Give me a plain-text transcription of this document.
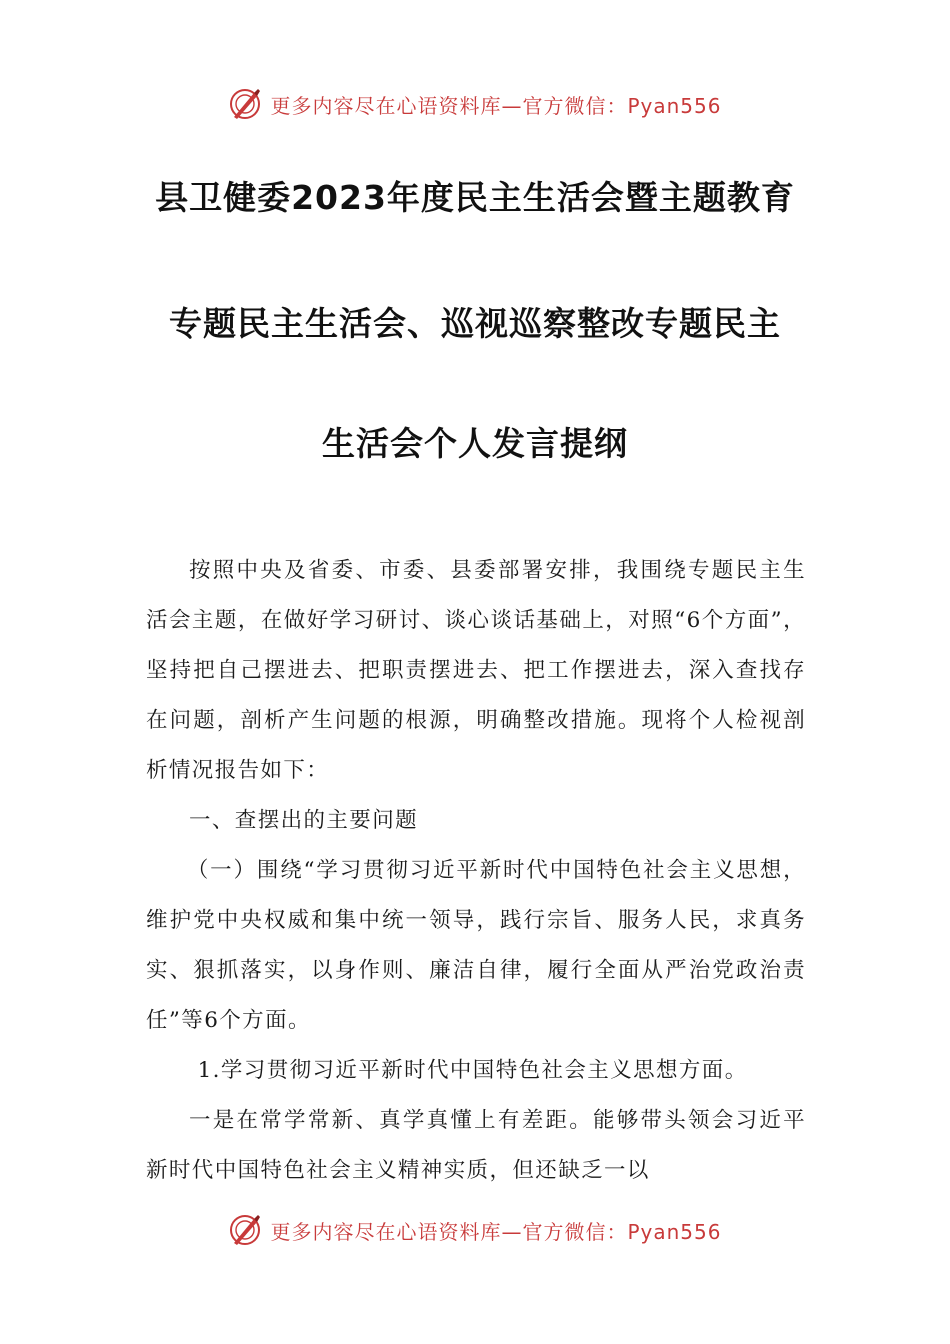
更多内容尽在心语资料库—官方微信：Pyan556
县卫健委2023年度民主生活会暨主题教育
专题民主生活会、巡视巡察整改专题民主
生活会个人发言提纲

按照中央及省委、市委、县委部署安排，我围绕专题民主生活会主题，在做好学习研讨、谈心谈话基础上，对照“6个方面”，坚持把自己摆进去、把职责摆进去、把工作摆进去，深入查找存在问题，剖析产生问题的根源，明确整改措施。现将个人检视剖析情况报告如下：

一、查摆出的主要问题

（一）围绕“学习贯彻习近平新时代中国特色社会主义思想，维护党中央权威和集中统一领导，践行宗旨、服务人民，求真务实、狠抓落实，以身作则、廉洁自律，履行全面从严治党政治责任”等6个方面。

1.学习贯彻习近平新时代中国特色社会主义思想方面。

一是在常学常新、真学真懂上有差距。能够带头领会习近平新时代中国特色社会主义精神实质，但还缺乏一以

更多内容尽在心语资料库—官方微信：Pyan556
